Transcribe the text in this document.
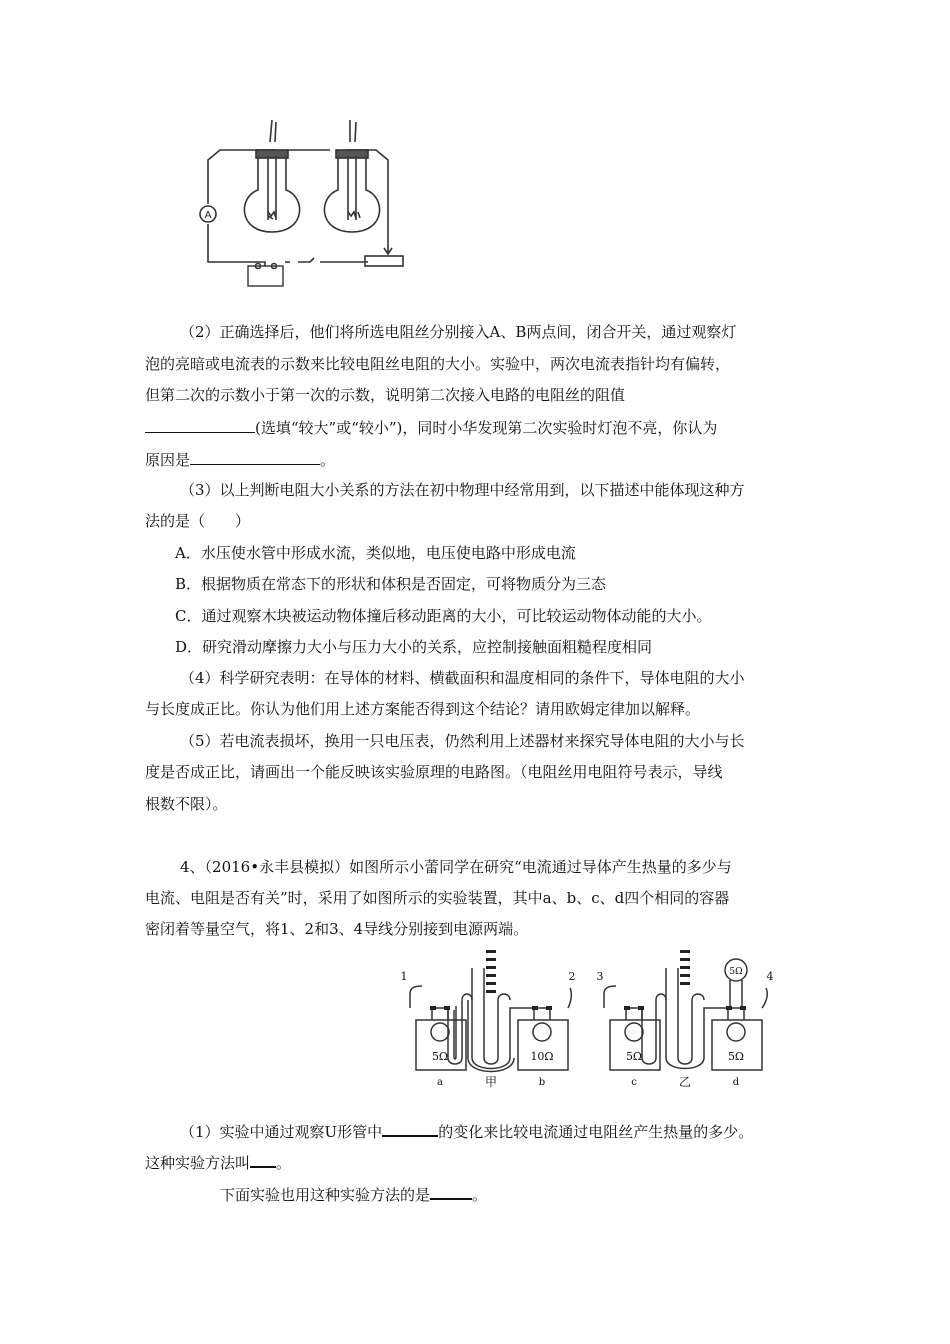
A
（2）正确选择后，他们将所选电阻丝分别接入A、B两点间，闭合开关，通过观察灯
泡的亮暗或电流表的示数来比较电阻丝电阻的大小。实验中，两次电流表指针均有偏转，
但第二次的示数小于第一次的示数，说明第二次接入电路的电阻丝的阻值
(选填“较大”或“较小”)，同时小华发现第二次实验时灯泡不亮，你认为
原因是	。
（3）以上判断电阻大小关系的方法在初中物理中经常用到，以下描述中能体现这种方
法的是（　　）
A．水压使水管中形成水流，类似地，电压使电路中形成电流
B．根据物质在常态下的形状和体积是否固定，可将物质分为三态
C．通过观察木块被运动物体撞后移动距离的大小，可比较运动物体动能的大小。
D．研究滑动摩擦力大小与压力大小的关系，应控制接触面粗糙程度相同
（4）科学研究表明：在导体的材料、横截面积和温度相同的条件下，导体电阻的大小
与长度成正比。你认为他们用上述方案能否得到这个结论？请用欧姆定律加以解释。
（5）若电流表损坏，换用一只电压表，仍然利用上述器材来探究导体电阻的大小与长
度是否成正比，请画出一个能反映该实验原理的电路图。（电阻丝用电阻符号表示，导线
根数不限）。
4、（2016•永丰县模拟）如图所示小蕾同学在研究“电流通过导体产生热量的多少与
电流、电阻是否有关”时，采用了如图所示的实验装置，其中a、b、c、d四个相同的容器
密闭着等量空气，将1、2和3、4导线分别接到电源两端。
1	2 3	4
5Ω	10Ω	5Ω	5Ω
5Ω
a	b	c	d
甲	乙
（1）实验中通过观察U形管中	的变化来比较电流通过电阻丝产生热量的多少。
这种实验方法叫 。
下面实验也用这种实验方法的是	。
